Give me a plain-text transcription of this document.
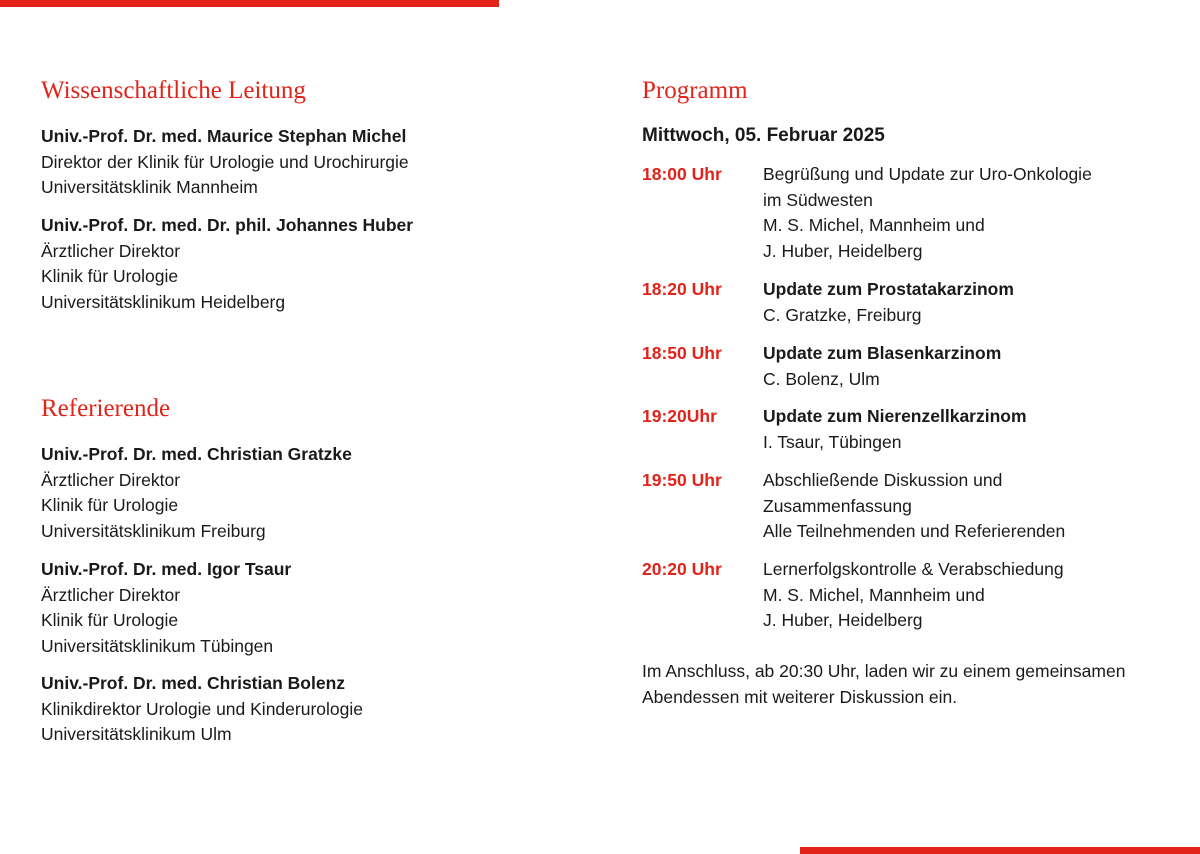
Wissenschaftliche Leitung
Univ.-Prof. Dr. med. Maurice Stephan Michel
Direktor der Klinik für Urologie und Urochirurgie
Universitätsklinik Mannheim
Univ.-Prof. Dr. med. Dr. phil. Johannes Huber
Ärztlicher Direktor
Klinik für Urologie
Universitätsklinikum Heidelberg
Referierende
Univ.-Prof. Dr. med. Christian Gratzke
Ärztlicher Direktor
Klinik für Urologie
Universitätsklinikum Freiburg
Univ.-Prof. Dr. med. Igor Tsaur
Ärztlicher Direktor
Klinik für Urologie
Universitätsklinikum Tübingen
Univ.-Prof. Dr. med. Christian Bolenz
Klinikdirektor Urologie und Kinderurologie
Universitätsklinikum Ulm
Programm
Mittwoch, 05. Februar 2025
18:00 Uhr Begrüßung und Update zur Uro-Onkologie
im Südwesten
M. S. Michel, Mannheim und
J. Huber, Heidelberg
18:20 Uhr Update zum Prostatakarzinom
C. Gratzke, Freiburg
18:50 Uhr Update zum Blasenkarzinom
C. Bolenz, Ulm
19:20Uhr	Update zum Nierenzellkarzinom
I. Tsaur, Tübingen
19:50 Uhr Abschließende Diskussion und
Zusammenfassung
Alle Teilnehmenden und Referierenden
20:20 Uhr Lernerfolgskontrolle & Verabschiedung
M. S. Michel, Mannheim und
J. Huber, Heidelberg
Im Anschluss, ab 20:30 Uhr, laden wir zu einem gemeinsamen
Abendessen mit weiterer Diskussion ein.
